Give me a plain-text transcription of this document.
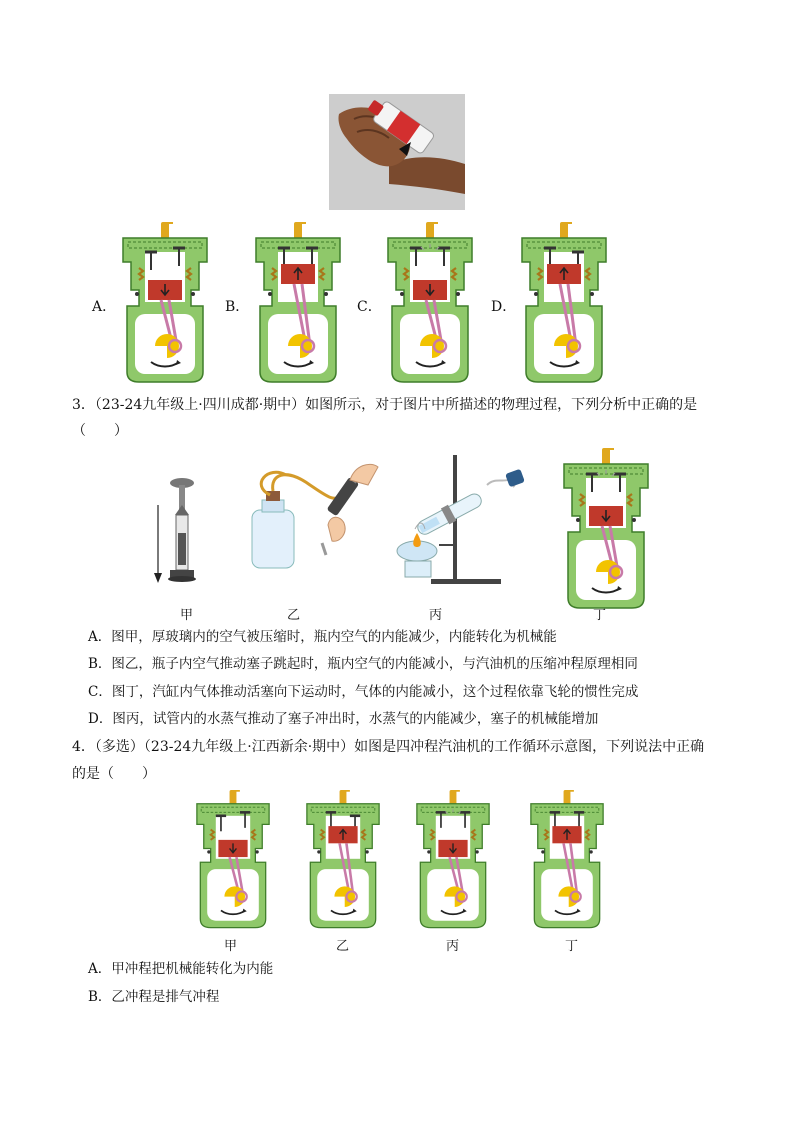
A．	B．	C．	D．
3．（23-24九年级上·四川成都·期中）如图所示，对于图片中所描述的物理过程，下列分析中正确的是
（　　）
甲	乙	丙	丁
A．图甲，厚玻璃内的空气被压缩时，瓶内空气的内能减少，内能转化为机械能
B．图乙，瓶子内空气推动塞子跳起时，瓶内空气的内能减小，与汽油机的压缩冲程原理相同
C．图丁，汽缸内气体推动活塞向下运动时，气体的内能减小，这个过程依靠飞轮的惯性完成
D．图丙，试管内的水蒸气推动了塞子冲出时，水蒸气的内能减少，塞子的机械能增加
4．（多选）（23-24九年级上·江西新余·期中）如图是四冲程汽油机的工作循环示意图，下列说法中正确
的是（　　）
甲	乙	丙	丁
A．甲冲程把机械能转化为内能
B．乙冲程是排气冲程
